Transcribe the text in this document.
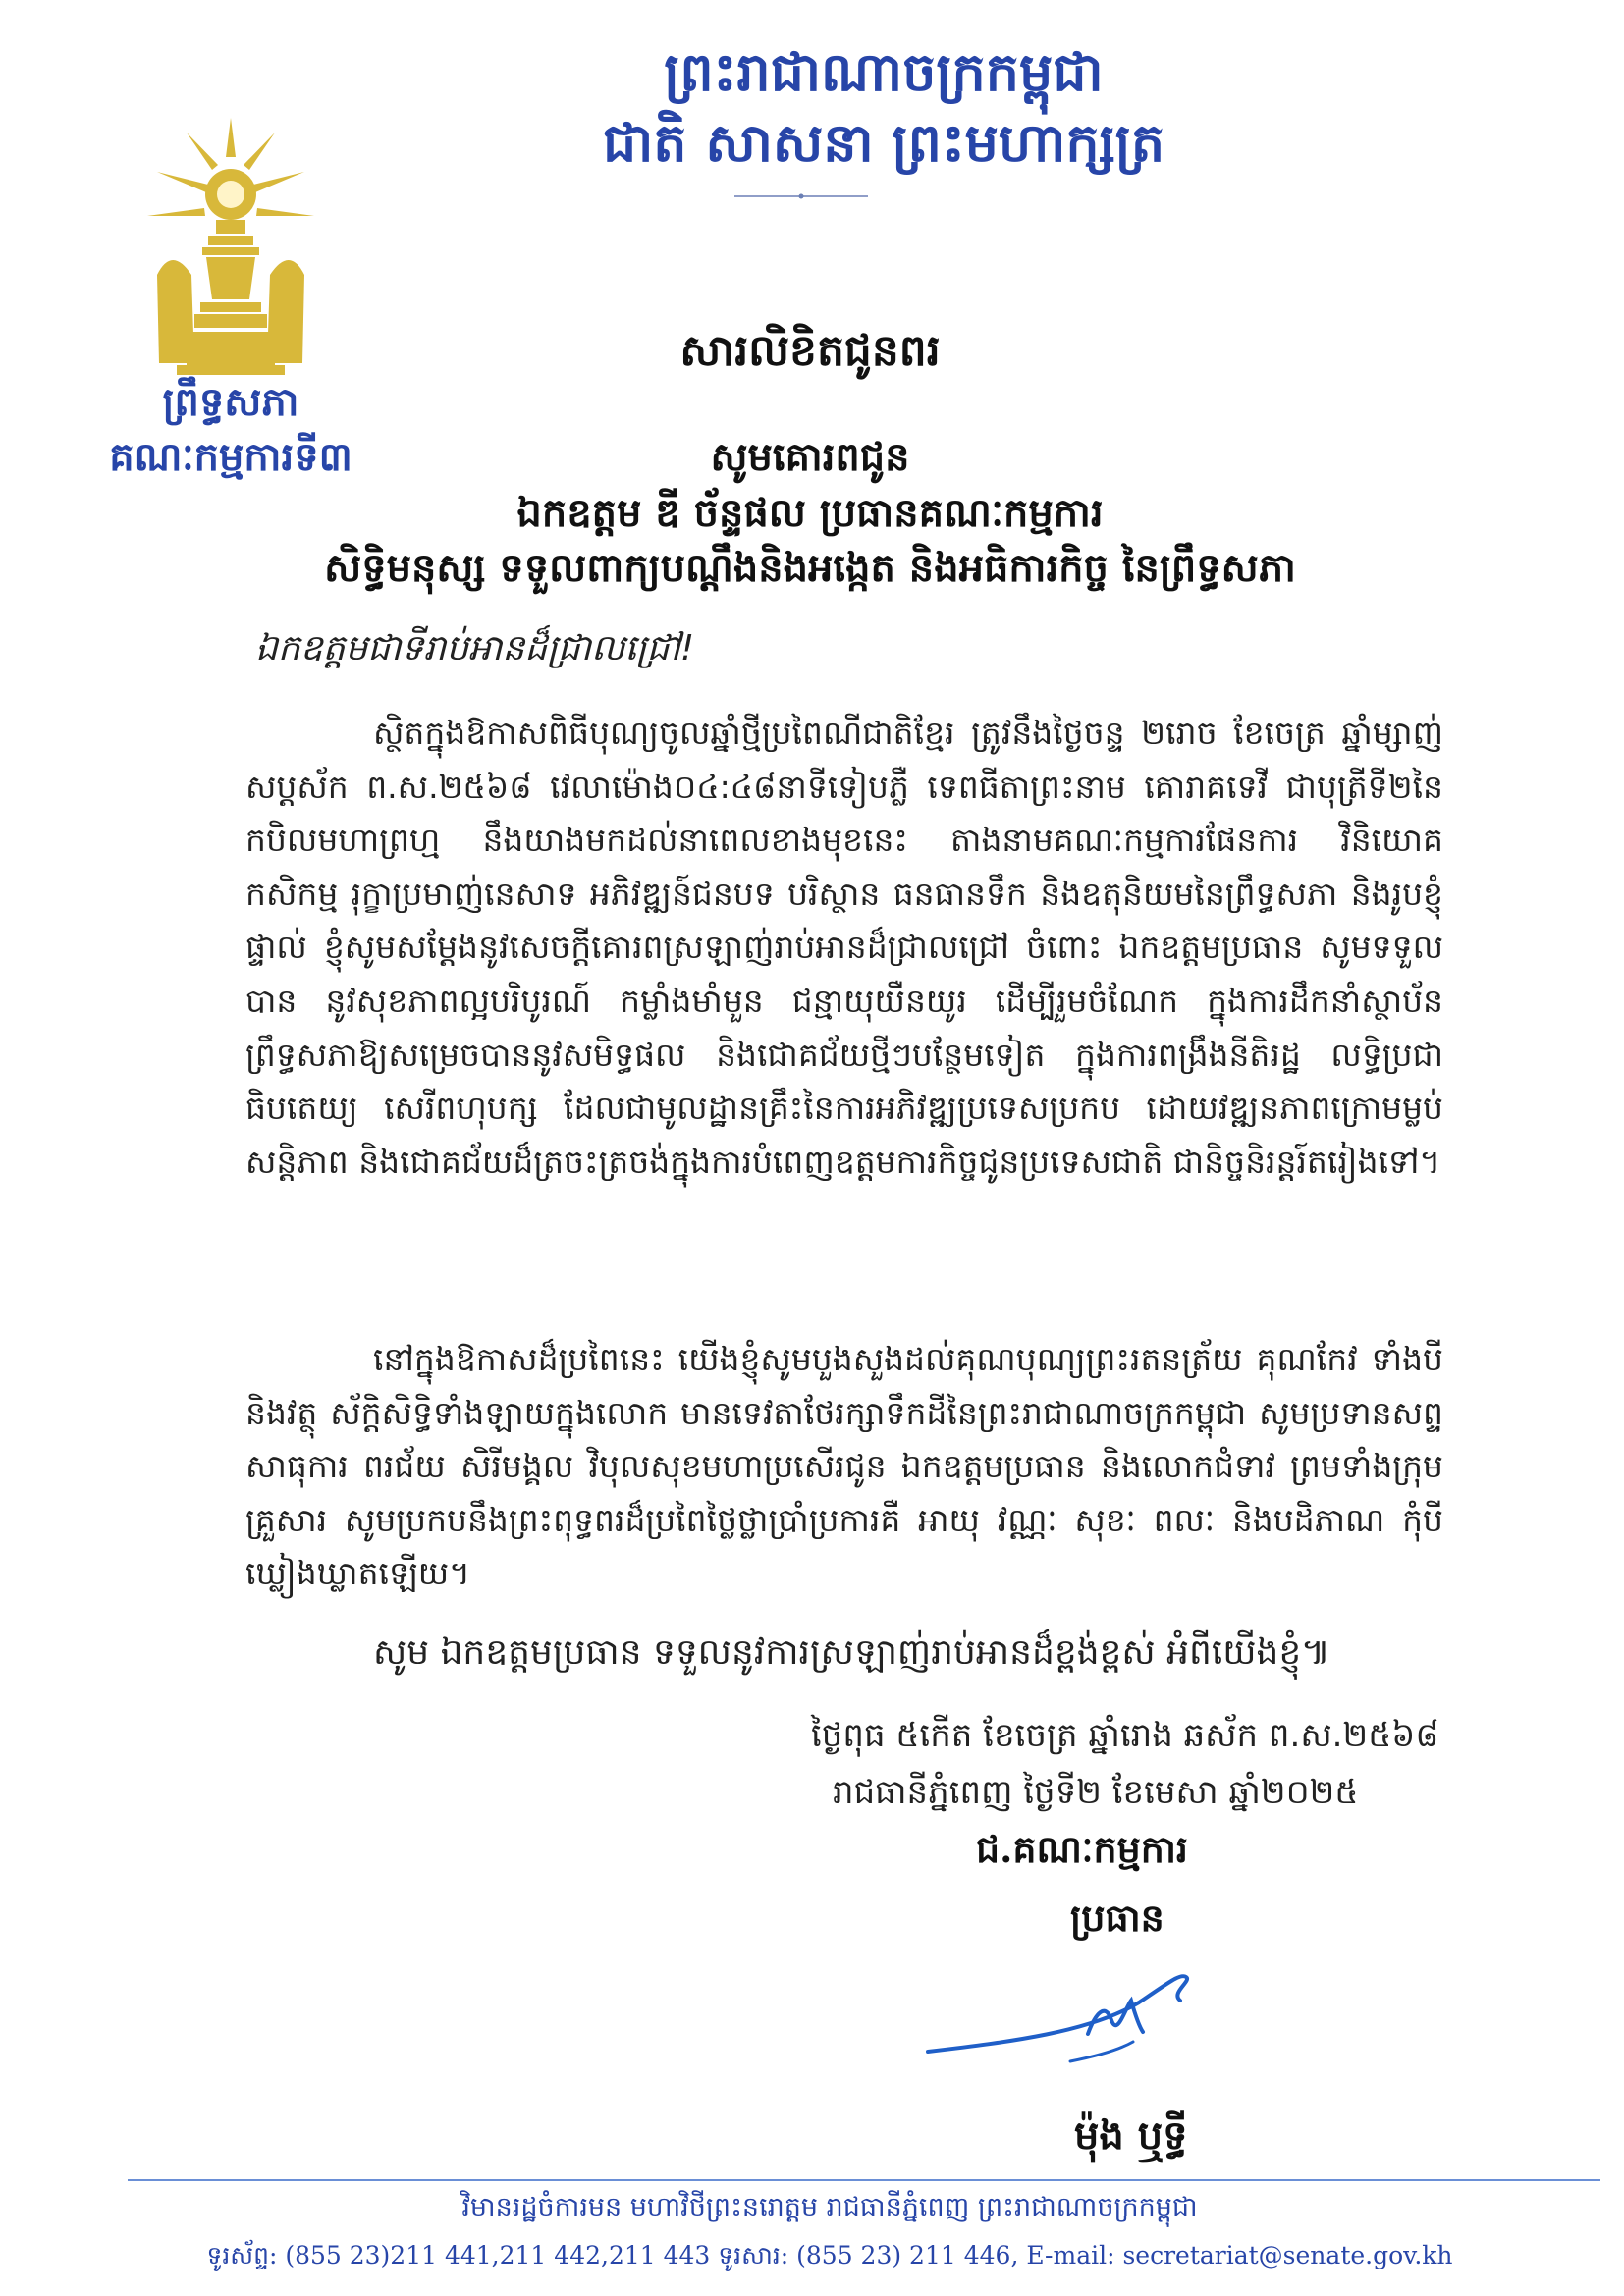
ព្រះរាជាណាចក្រកម្ពុជា
ជាតិ សាសនា ព្រះមហាក្សត្រ
ព្រឹទ្ធសភា
គណៈកម្មការទី៣
សារលិខិតជូនពរ
សូមគោរពជូន
ឯកឧត្តម ឌី ច័ន្ទផល ប្រធានគណៈកម្មការ
សិទ្ធិមនុស្ស ទទួលពាក្យបណ្តឹងនិងអង្កេត និងអធិការកិច្ច នៃព្រឹទ្ធសភា
ឯកឧត្តមជាទីរាប់អានដ៏ជ្រាលជ្រៅ!
ស្ថិតក្នុងឱកាសពិធីបុណ្យចូលឆ្នាំថ្មីប្រពៃណីជាតិខ្មែរ ត្រូវនឹងថ្ងៃចន្ទ ២រោច ខែចេត្រ ឆ្នាំម្សាញ់ សប្តស័ក ព.ស.២៥៦៨ វេលាម៉ោង០៤:៤៨នាទីទៀបភ្លឺ ទេពធីតាព្រះនាម គោរាគទេវី ជាបុត្រីទី២នៃកបិលមហាព្រហ្ម នឹងយាងមកដល់នាពេលខាងមុខនេះ តាងនាមគណៈកម្មការផែនការ វិនិយោគ កសិកម្ម រុក្ខាប្រមាញ់នេសាទ អភិវឌ្ឍន៍ជនបទ បរិស្ថាន ធនធានទឹក និងឧតុនិយមនៃព្រឹទ្ធសភា និងរូបខ្ញុំផ្ទាល់ ខ្ញុំសូមសម្តែងនូវសេចក្តីគោរពស្រឡាញ់រាប់អានដ៏ជ្រាលជ្រៅ ចំពោះ ឯកឧត្តមប្រធាន សូមទទួលបាន នូវសុខភាពល្អបរិបូរណ៍ កម្លាំងមាំមួន ជន្មាយុយឺនយូរ ដើម្បីរួមចំណែក ក្នុងការដឹកនាំស្ថាប័ន ព្រឹទ្ធសភាឱ្យសម្រេចបាននូវសមិទ្ធផល និងជោគជ័យថ្មីៗបន្ថែមទៀត ក្នុងការពង្រឹងនីតិរដ្ឋ លទ្ធិប្រជាធិបតេយ្យ សេរីពហុបក្ស ដែលជាមូលដ្ឋានគ្រឹះនៃការអភិវឌ្ឍប្រទេសប្រកប ដោយវឌ្ឍនភាពក្រោមម្លប់សន្តិភាព និងជោគជ័យដ៏ត្រចះត្រចង់ក្នុងការបំពេញឧត្តមការកិច្ចជូនប្រទេសជាតិ ជានិច្ចនិរន្តរ៍តរៀងទៅ។
នៅក្នុងឱកាសដ៏ប្រពៃនេះ យើងខ្ញុំសូមបួងសួងដល់គុណបុណ្យព្រះរតនត្រ័យ គុណកែវ ទាំងបី និងវត្ថុ ស័ក្តិសិទ្ធិទាំងឡាយក្នុងលោក មានទេវតាថែរក្សាទឹកដីនៃព្រះរាជាណាចក្រកម្ពុជា សូមប្រទានសព្ទសាធុការ ពរជ័យ សិរីមង្គល វិបុលសុខមហាប្រសើរជូន ឯកឧត្តមប្រធាន និងលោកជំទាវ ព្រមទាំងក្រុមគ្រួសារ សូមប្រកបនឹងព្រះពុទ្ធពរដ៏ប្រពៃថ្លៃថ្លាប្រាំប្រការគឺ អាយុ វណ្ណៈ សុខៈ ពលៈ និងបដិភាណ កុំបីឃ្លៀងឃ្លាតឡើយ។
សូម ឯកឧត្តមប្រធាន ទទួលនូវការស្រឡាញ់រាប់អានដ៏ខ្ពង់ខ្ពស់ អំពីយើងខ្ញុំ៕
ថ្ងៃពុធ ៥កើត ខែចេត្រ ឆ្នាំរោង ឆស័ក ព.ស.២៥៦៨
រាជធានីភ្នំពេញ ថ្ងៃទី២ ខែមេសា ឆ្នាំ២០២៥
ជ.គណៈកម្មការ
ប្រធាន
ម៉ុង ឬទ្ធី
វិមានរដ្ឋចំការមន មហាវិថីព្រះនរោត្តម រាជធានីភ្នំពេញ ព្រះរាជាណាចក្រកម្ពុជា
ទូរស័ព្ទ: (855 23)211 441,211 442,211 443 ទូរសារ: (855 23) 211 446, E-mail: secretariat@senate.gov.kh
